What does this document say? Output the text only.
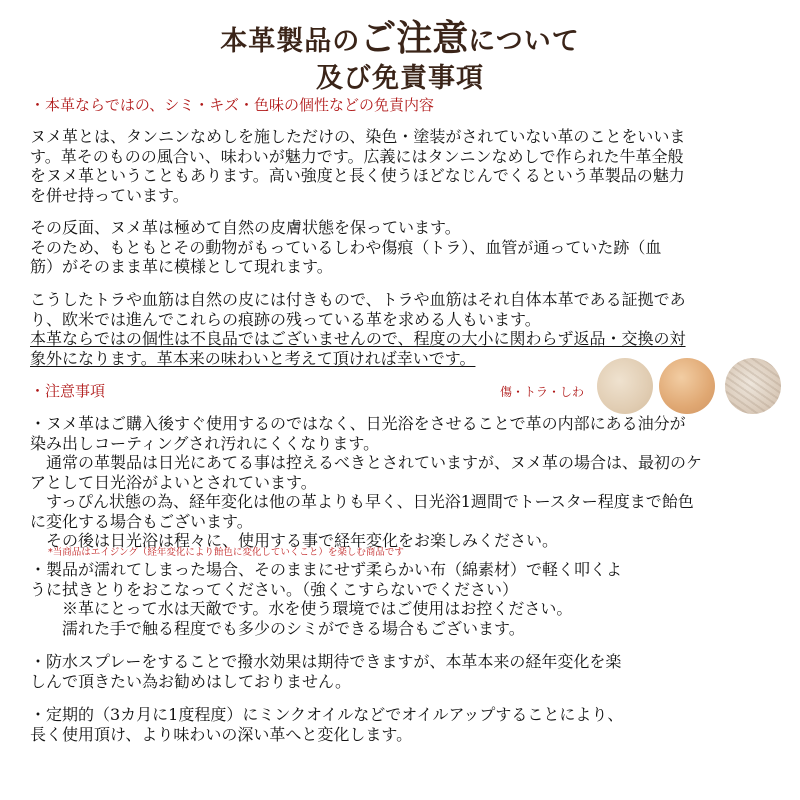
本革製品のご注意について
及び免責事項
・本革ならではの、シミ・キズ・色味の個性などの免責内容

ヌメ革とは、タンニンなめしを施しただけの、染色・塗装がされていない革のことをいいま

す。革そのものの風合い、味わいが魅力です。広義にはタンニンなめしで作られた牛革全般

をヌメ革ということもあります。高い強度と長く使うほどなじんでくるという革製品の魅力

を併せ持っています。

その反面、ヌメ革は極めて自然の皮膚状態を保っています。

そのため、もともとその動物がもっているしわや傷痕（トラ）、血管が通っていた跡（血

筋）がそのまま革に模様として現れます。

こうしたトラや血筋は自然の皮には付きもので、トラや血筋はそれ自体本革である証拠であ

り、欧米では進んでこれらの痕跡の残っている革を求める人もいます。

本革ならではの個性は不良品ではございませんので、程度の大小に関わらず返品・交換の対

象外になります。革本来の味わいと考えて頂ければ幸いです。

・注意事項	傷・トラ・しわ

・ヌメ革はご購入後すぐ使用するのではなく、日光浴をさせることで革の内部にある油分が

染み出しコーティングされ汚れにくくなります。

　通常の革製品は日光にあてる事は控えるべきとされていますが、ヌメ革の場合は、最初のケ

アとして日光浴がよいとされています。

　すっぴん状態の為、経年変化は他の革よりも早く、日光浴1週間でトースター程度まで飴色

に変化する場合もございます。

　その後は日光浴は程々に、使用する事で経年変化をお楽しみください。

*当商品はエイジング（経年変化により飴色に変化していくこと）を楽しむ商品です

・製品が濡れてしまった場合、そのままにせず柔らかい布（綿素材）で軽く叩くよ

うに拭きとりをおこなってください。（強くこすらないでください）

　　※革にとって水は天敵です。水を使う環境ではご使用はお控ください。

　　濡れた手で触る程度でも多少のシミができる場合もございます。

・防水スプレーをすることで撥水効果は期待できますが、本革本来の経年変化を楽

しんで頂きたい為お勧めはしておりません。

・定期的（3カ月に1度程度）にミンクオイルなどでオイルアップすることにより、

長く使用頂け、より味わいの深い革へと変化します。
